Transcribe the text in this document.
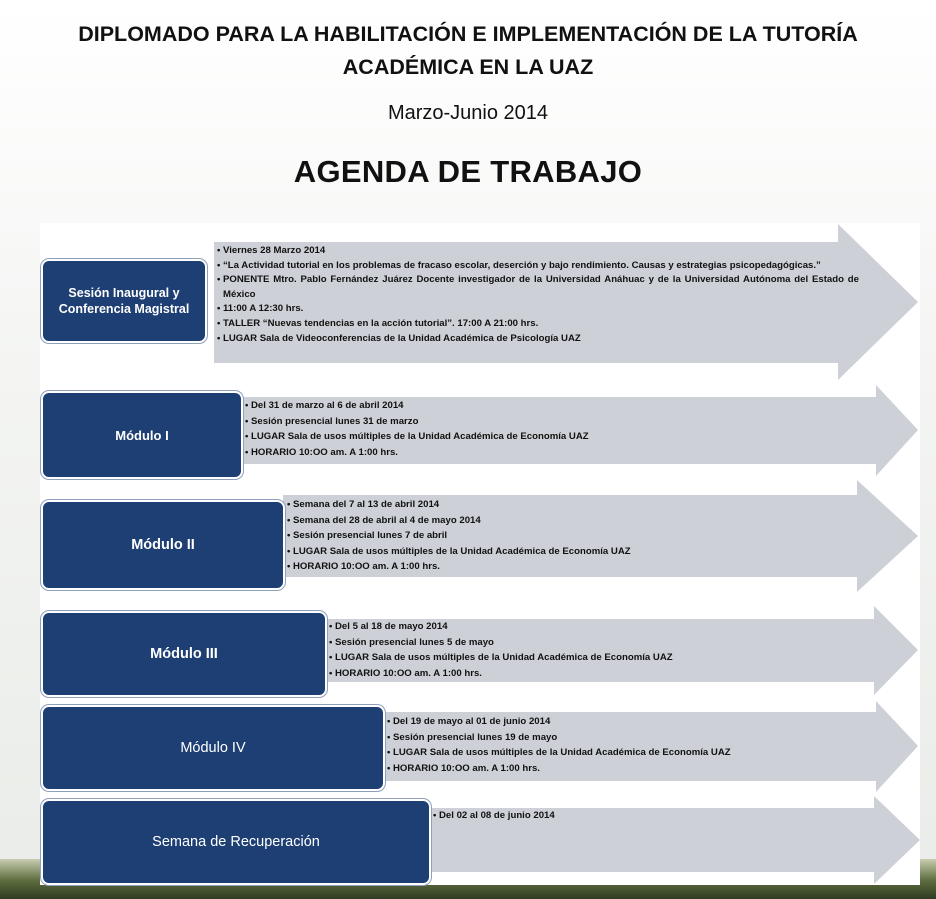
DIPLOMADO PARA LA HABILITACIÓN E IMPLEMENTACIÓN DE LA TUTORÍA
ACADÉMICA EN LA UAZ
Marzo-Junio 2014
AGENDA DE TRABAJO
• Viernes 28 Marzo 2014
• “La Actividad tutorial en los problemas de fracaso escolar, deserción y bajo rendimiento. Causas y estrategias psicopedagógicas.”
• PONENTE Mtro. Pablo Fernández Juárez Docente investigador de la Universidad Anáhuac y de la Universidad Autónoma del Estado de México
• 11:00 A 12:30 hrs.
• TALLER “Nuevas tendencias en la acción tutorial”. 17:00 A 21:00 hrs.
• LUGAR Sala de Videoconferencias de la Unidad Académica de Psicología UAZ
Sesión Inaugural y Conferencia Magistral
• Del 31 de marzo al 6 de abril 2014
• Sesión presencial lunes 31 de marzo
• LUGAR Sala de usos múltiples de la Unidad Académica de Economía UAZ
• HORARIO 10:OO am. A 1:00 hrs.
Módulo I
• Semana del 7 al 13 de abril 2014
• Semana del 28 de abril al 4 de mayo 2014
• Sesión presencial lunes 7 de abril
• LUGAR Sala de usos múltiples de la Unidad Académica de Economía UAZ
• HORARIO 10:OO am. A 1:00 hrs.
Módulo II
• Del 5 al 18 de mayo 2014
• Sesión presencial lunes 5 de mayo
• LUGAR Sala de usos múltiples de la Unidad Académica de Economía UAZ
• HORARIO 10:OO am. A 1:00 hrs.
Módulo III
• Del 19 de mayo al 01 de junio 2014
• Sesión presencial lunes 19 de mayo
• LUGAR Sala de usos múltiples de la Unidad Académica de Economía UAZ
• HORARIO 10:OO am. A 1:00 hrs.
Módulo IV
• Del 02 al 08 de junio 2014
Semana de Recuperación
